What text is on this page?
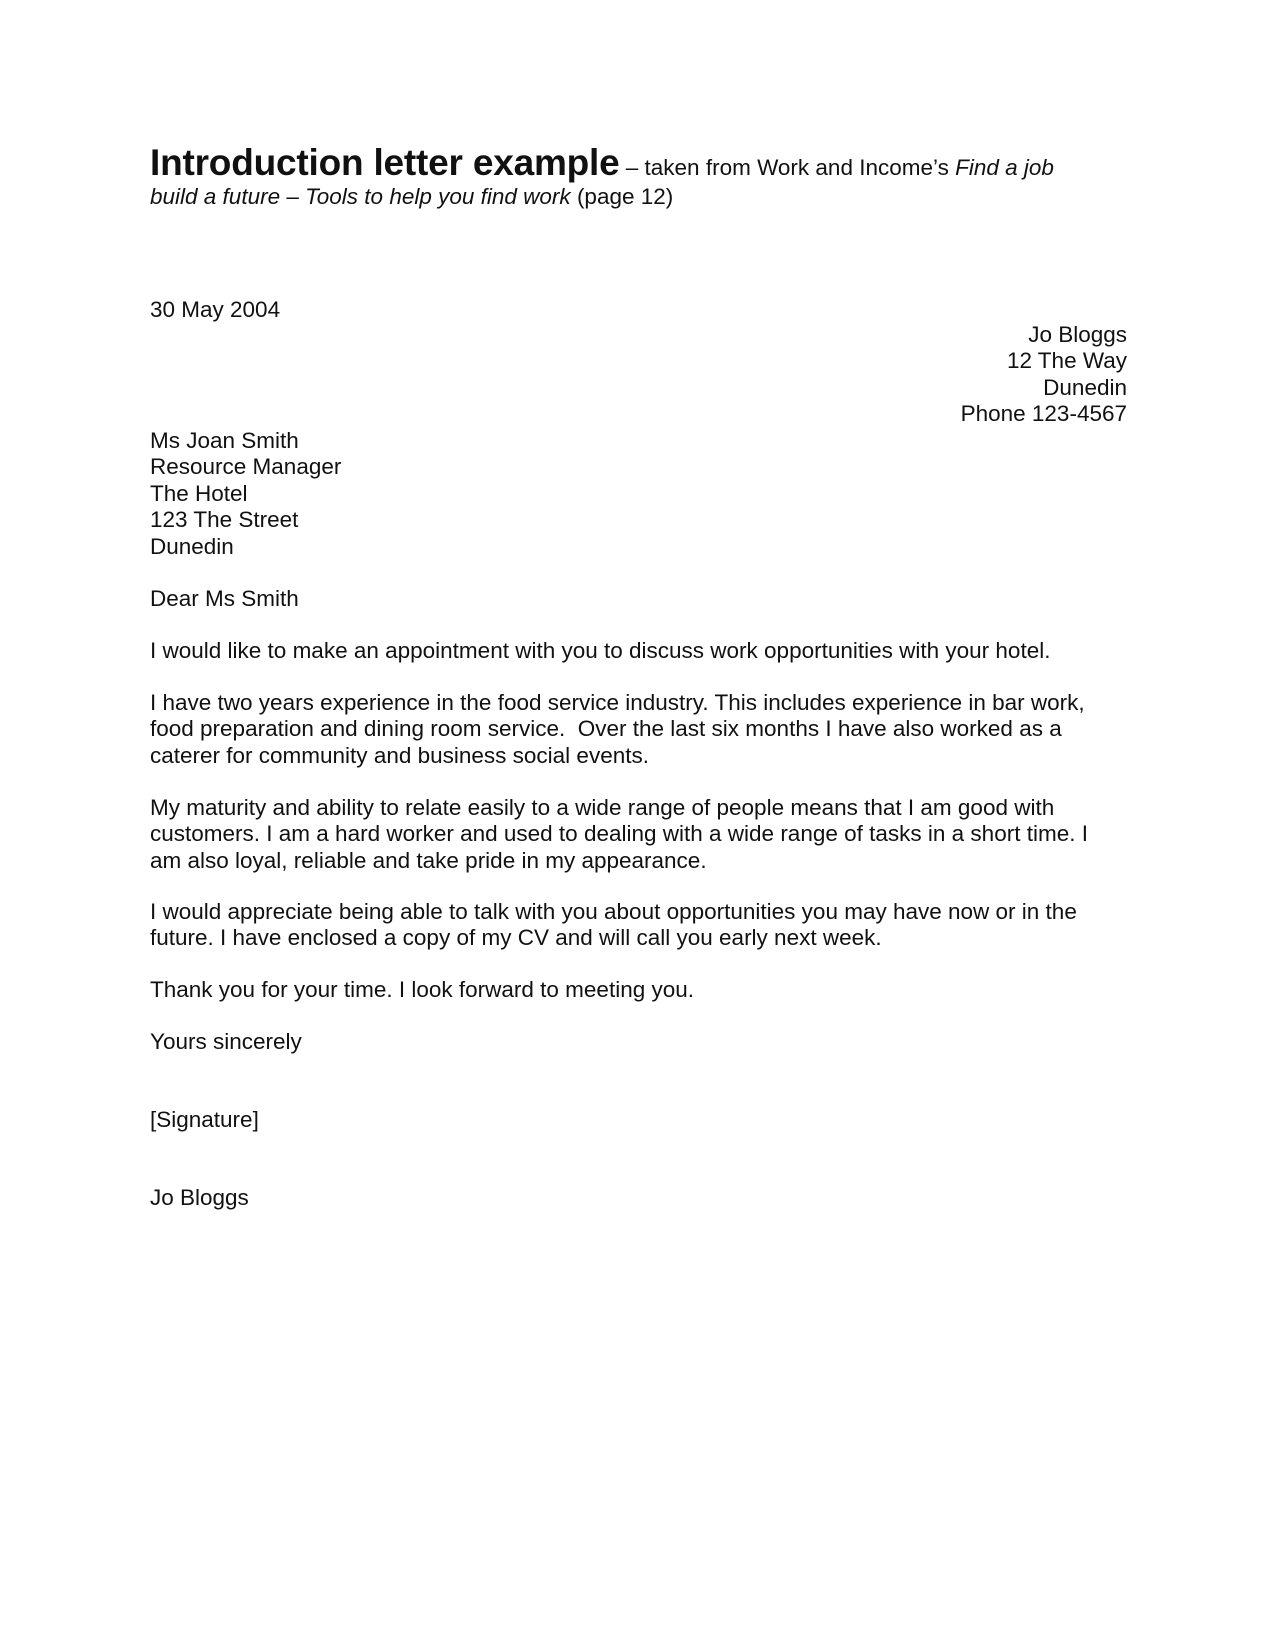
Introduction letter example – taken from Work and Income’s Find a job
build a future – Tools to help you find work (page 12)
30 May 2004
Jo Bloggs
12 The Way
Dunedin
Phone 123-4567
Ms Joan Smith
Resource Manager
The Hotel
123 The Street
Dunedin
Dear Ms Smith
I would like to make an appointment with you to discuss work opportunities with your hotel.
I have two years experience in the food service industry. This includes experience in bar work,
food preparation and dining room service.  Over the last six months I have also worked as a
caterer for community and business social events.
My maturity and ability to relate easily to a wide range of people means that I am good with
customers. I am a hard worker and used to dealing with a wide range of tasks in a short time. I
am also loyal, reliable and take pride in my appearance.
I would appreciate being able to talk with you about opportunities you may have now or in the
future. I have enclosed a copy of my CV and will call you early next week.
Thank you for your time. I look forward to meeting you.
Yours sincerely
[Signature]
Jo Bloggs
